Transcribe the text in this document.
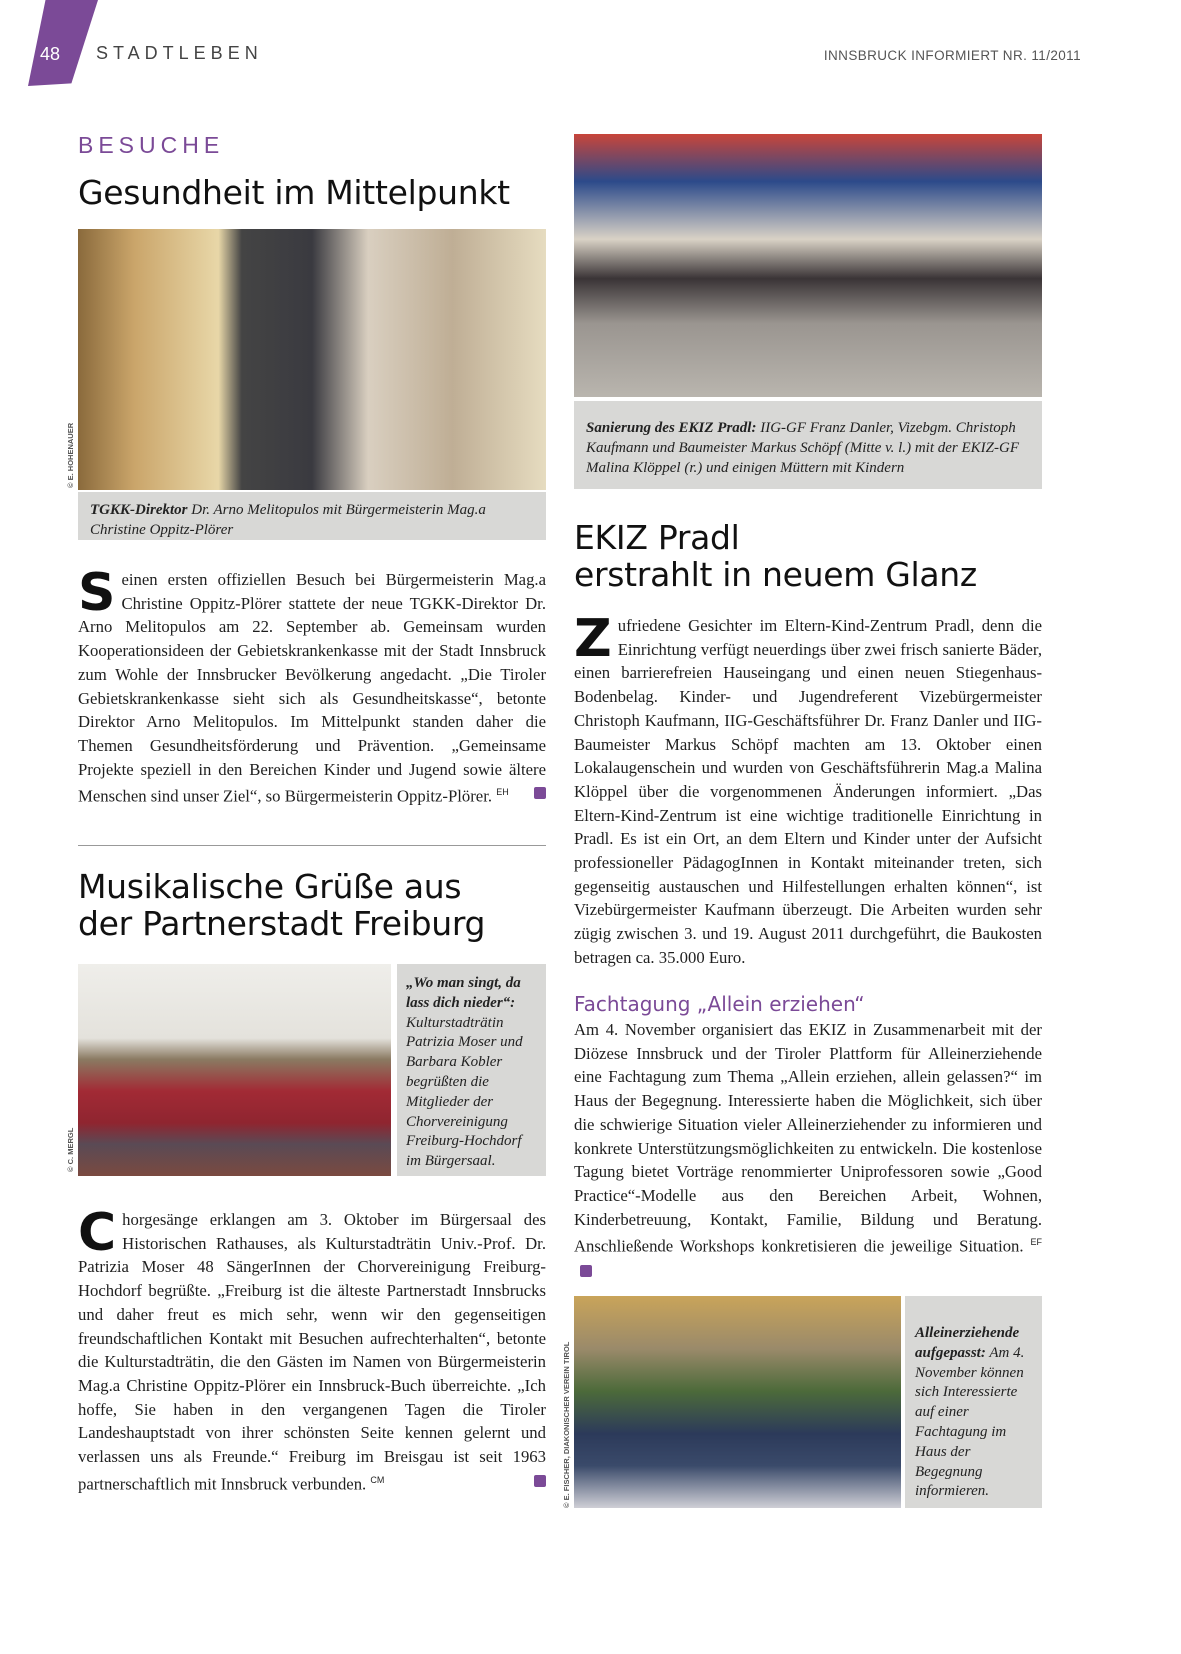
48 STADTLEBEN	INNSBRUCK INFORMIERT NR. 11/2011
BESUCHE
Gesundheit im Mittelpunkt
© E. HOHENAUER
TGKK-Direktor Dr. Arno Melitopulos mit Bürgermeisterin Mag.a Christine Oppitz-Plörer
Seinen ersten offiziellen Besuch bei Bürgermeisterin Mag.a Christine Oppitz-Plörer stattete der neue TGKK-Direktor Dr. Arno Melitopulos am 22. September ab. Gemeinsam wurden Kooperationsideen der Gebietskrankenkasse mit der Stadt Innsbruck zum Wohle der Innsbrucker Bevölkerung angedacht. „Die Tiroler Gebietskrankenkasse sieht sich als Gesundheitskasse“, betonte Direktor Arno Melitopulos. Im Mittelpunkt standen daher die Themen Gesundheitsförderung und Prävention. „Gemeinsame Projekte speziell in den Bereichen Kinder und Jugend sowie ältere Menschen sind unser Ziel“, so Bürgermeisterin Oppitz-Plörer. $^{EH}$
Musikalische Grüße aus
der Partnerstadt Freiburg
© C. MERGL
„Wo man singt, da lass dich nieder“: Kulturstadträtin Patrizia Moser und Barbara Kobler begrüßten die Mitglieder der Chorvereinigung Freiburg-Hochdorf im Bürgersaal.
Chorgesänge erklangen am 3. Oktober im Bürgersaal des Historischen Rathauses, als Kulturstadträtin Univ.-Prof. Dr. Patrizia Moser 48 SängerInnen der Chorvereinigung Freiburg-Hochdorf begrüßte. „Freiburg ist die älteste Partnerstadt Innsbrucks und daher freut es mich sehr, wenn wir den gegenseitigen freundschaftlichen Kontakt mit Besuchen aufrechterhalten“, betonte die Kulturstadträtin, die den Gästen im Namen von Bürgermeisterin Mag.a Christine Oppitz-Plörer ein Innsbruck-Buch überreichte. „Ich hoffe, Sie haben in den vergangenen Tagen die Tiroler Landeshauptstadt von ihrer schönsten Seite kennen gelernt und verlassen uns als Freunde.“ Freiburg im Breisgau ist seit 1963 partnerschaftlich mit Innsbruck verbunden. $^{CM}$
Sanierung des EKIZ Pradl: IIG-GF Franz Danler, Vizebgm. Christoph Kaufmann und Baumeister Markus Schöpf (Mitte v. l.) mit der EKIZ-GF Malina Klöppel (r.) und einigen Müttern mit Kindern
EKIZ Pradl
erstrahlt in neuem Glanz
Zufriedene Gesichter im Eltern-Kind-Zentrum Pradl, denn die Einrichtung verfügt neuerdings über zwei frisch sanierte Bäder, einen barrierefreien Hauseingang und einen neuen Stiegenhaus-Bodenbelag. Kinder- und Jugendreferent Vizebürgermeister Christoph Kaufmann, IIG-Geschäftsführer Dr. Franz Danler und IIG-Baumeister Markus Schöpf machten am 13. Oktober einen Lokalaugenschein und wurden von Geschäftsführerin Mag.a Malina Klöppel über die vorgenommenen Änderungen informiert. „Das Eltern-Kind-Zentrum ist eine wichtige traditionelle Einrichtung in Pradl. Es ist ein Ort, an dem Eltern und Kinder unter der Aufsicht professioneller PädagogInnen in Kontakt miteinander treten, sich gegenseitig austauschen und Hilfestellungen erhalten können“, ist Vizebürgermeister Kaufmann überzeugt. Die Arbeiten wurden sehr zügig zwischen 3. und 19. August 2011 durchgeführt, die Baukosten betragen ca. 35.000 Euro.
Fachtagung „Allein erziehen“
Am 4. November organisiert das EKIZ in Zusammenarbeit mit der Diözese Innsbruck und der Tiroler Plattform für Alleinerziehende eine Fachtagung zum Thema „Allein erziehen, allein gelassen?“ im Haus der Begegnung. Interessierte haben die Möglichkeit, sich über die schwierige Situation vieler Alleinerziehender zu informieren und konkrete Unterstützungsmöglichkeiten zu entwickeln. Die kostenlose Tagung bietet Vorträge renommierter Uniprofessoren sowie „Good Practice“-Modelle aus den Bereichen Arbeit, Wohnen, Kinderbetreuung, Kontakt, Familie, Bildung und Beratung. Anschließende Workshops konkretisieren die jeweilige Situation. $^{EF}$
© E. FISCHER, DIAKONISCHER VEREIN TIROL
Alleinerziehende aufgepasst: Am 4. November können sich Interessierte auf einer Fachtagung im Haus der Begegnung informieren.
